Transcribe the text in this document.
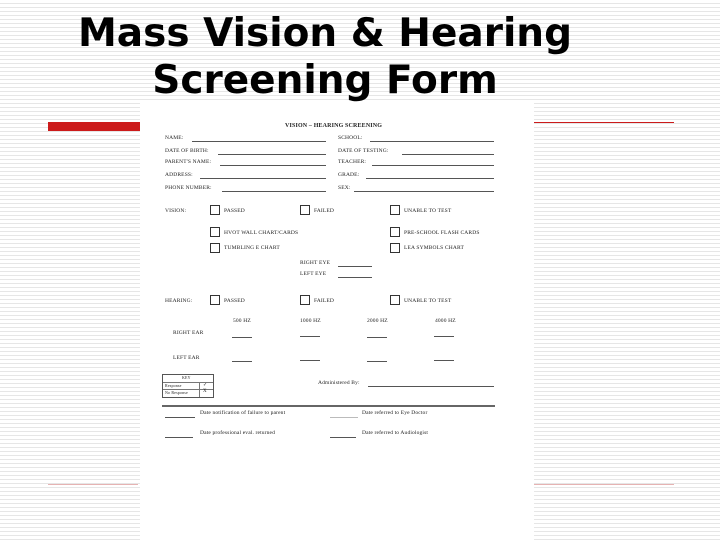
Mass Vision & Hearing
Screening Form
VISION – HEARING SCREENING
NAME:	SCHOOL:
DATE OF BIRTH:	DATE OF TESTING:
PARENT'S NAME:	TEACHER:
ADDRESS:	GRADE:
PHONE NUMBER:	SEX:
VISION:	PASSED	FAILED	UNABLE TO TEST
HVOT WALL CHART/CARDS	PRE-SCHOOL FLASH CARDS
TUMBLING E CHART	LEA SYMBOLS CHART
RIGHT EYE
LEFT EYE
HEARING:	PASSED	FAILED	UNABLE TO TEST
500 HZ	1000 HZ	2000 HZ	4000 HZ
RIGHT EAR
LEFT EAR
KEY
Response	✓
No Response	X
Administered By:
Date notification of failure to parent	Date referred to Eye Doctor
Date professional eval. returned	Date referred to Audiologist
